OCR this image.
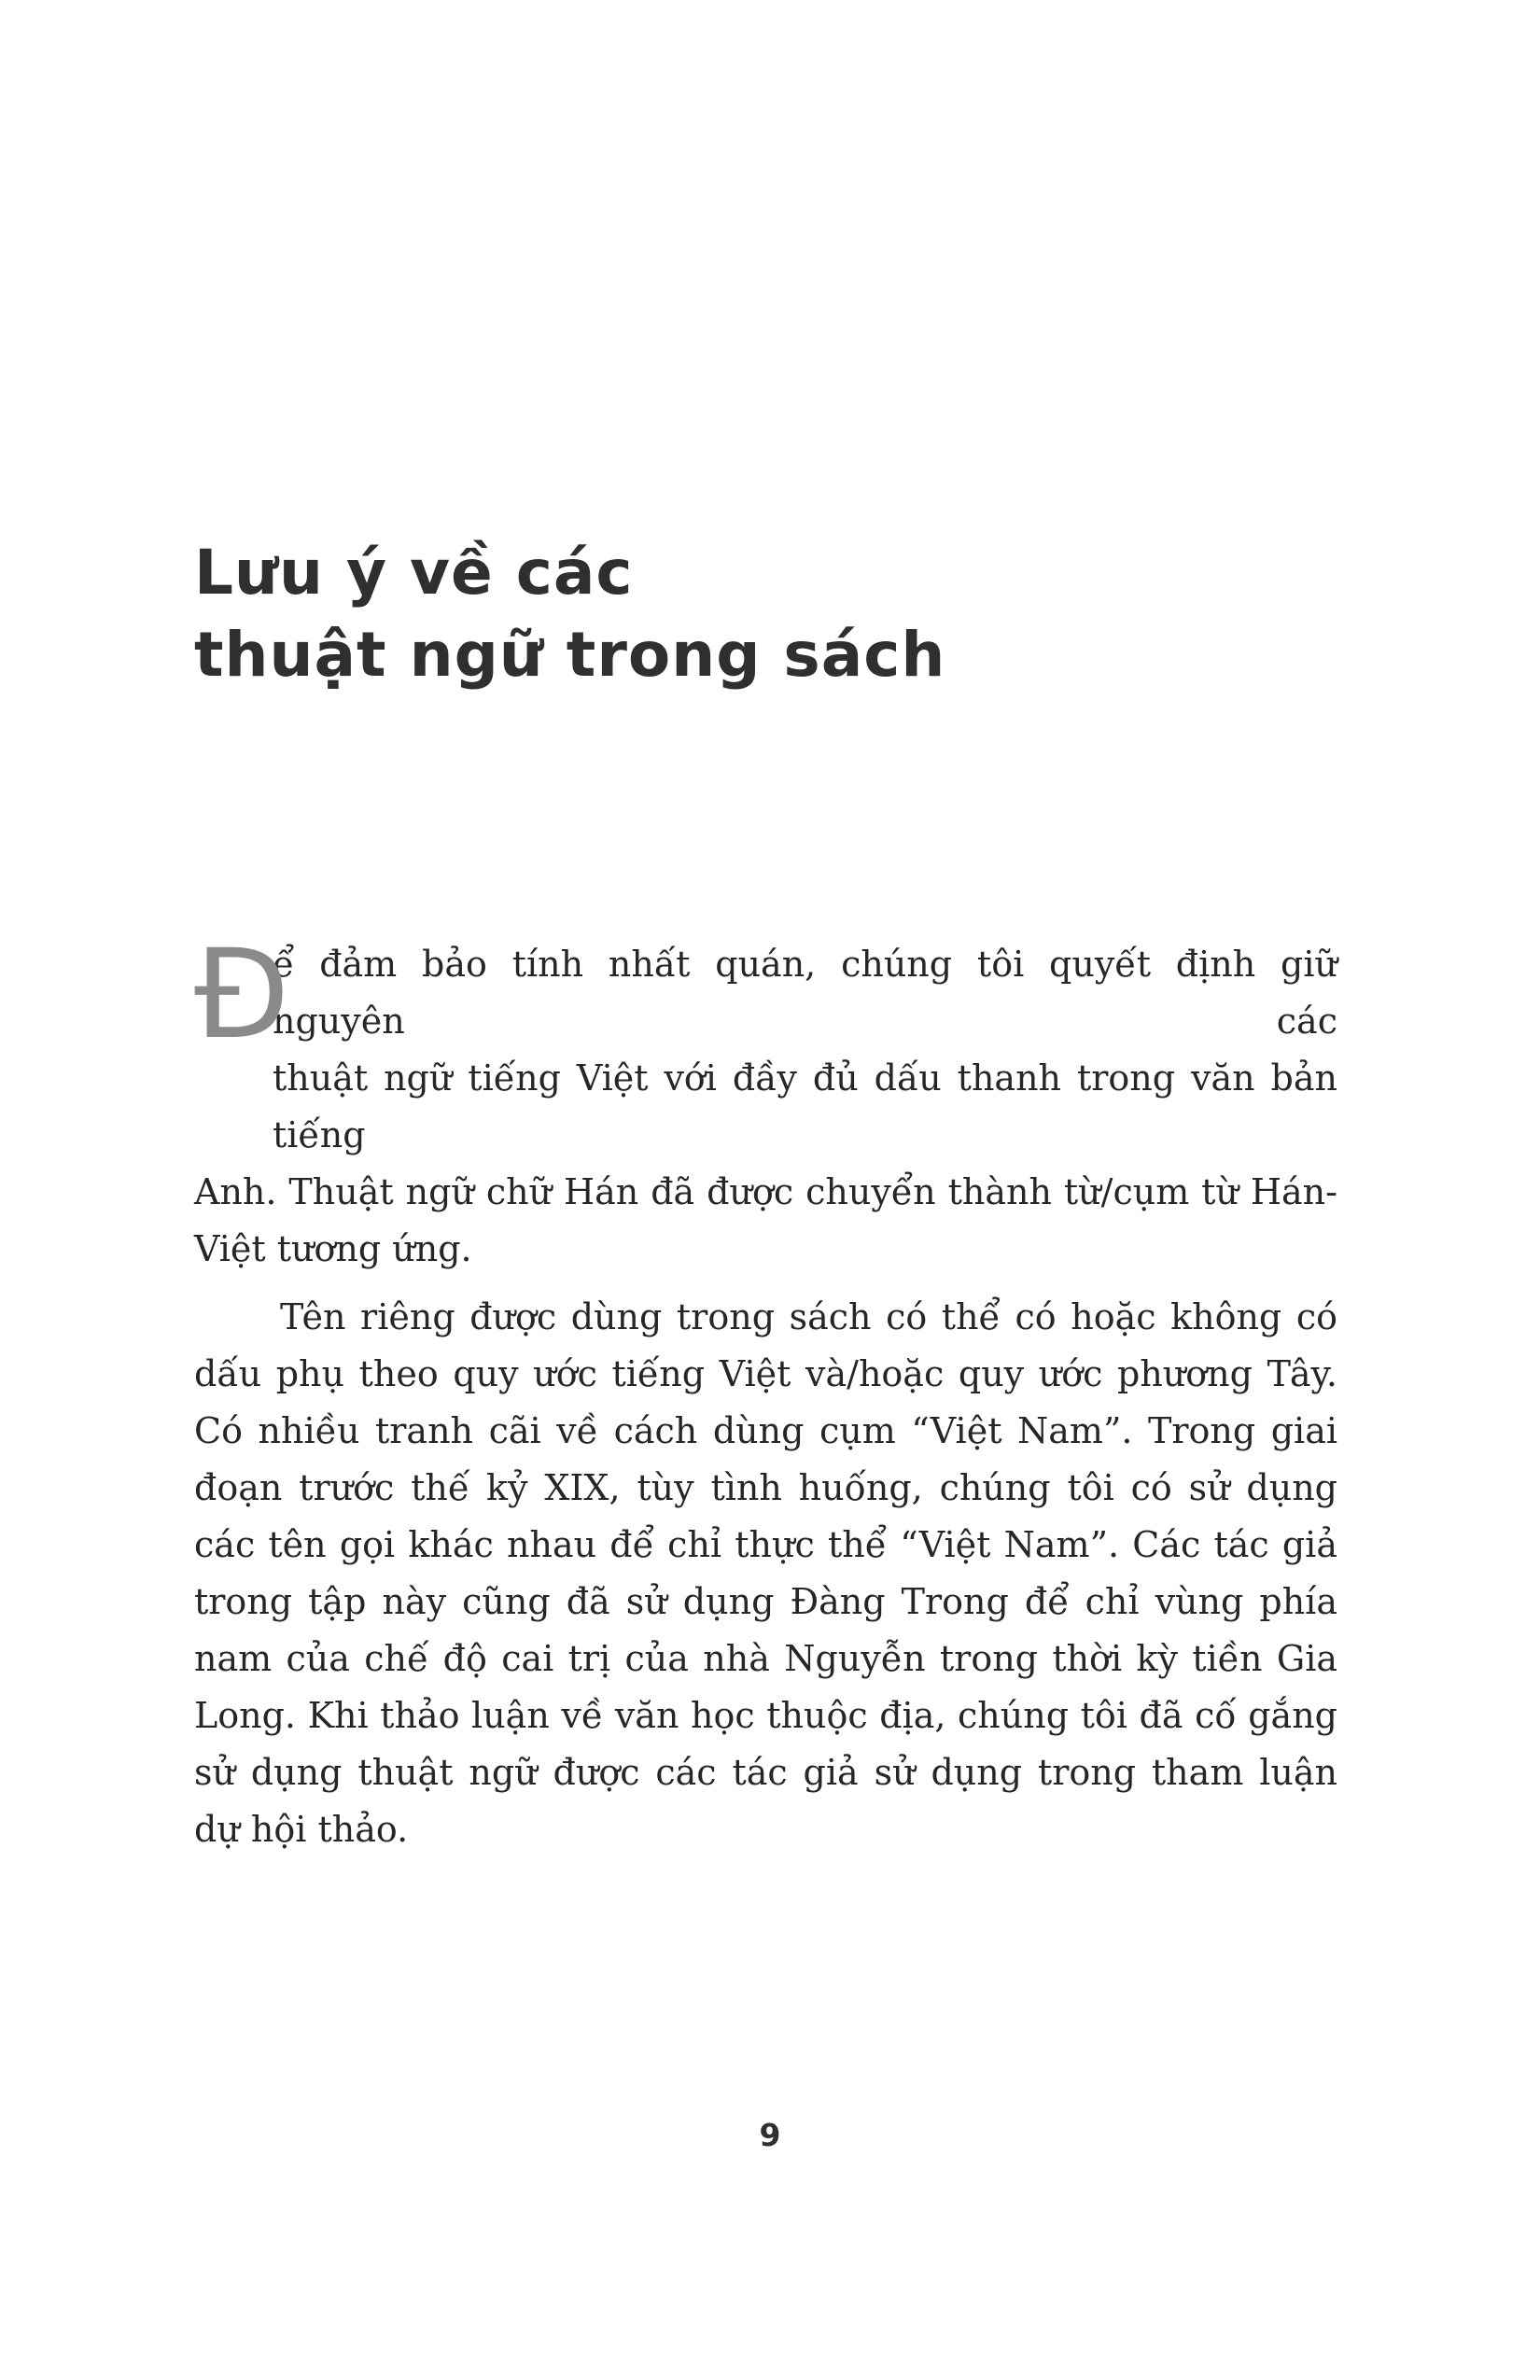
Lưu ý về các
thuật ngữ trong sách

Đ
ể đảm bảo tính nhất quán, chúng tôi quyết định giữ nguyên các
thuật ngữ tiếng Việt với đầy đủ dấu thanh trong văn bản tiếng
Anh. Thuật ngữ chữ Hán đã được chuyển thành từ/cụm từ Hán-Việt tương ứng.

Tên riêng được dùng trong sách có thể có hoặc không có dấu phụ theo quy ước tiếng Việt và/hoặc quy ước phương Tây. Có nhiều tranh cãi về cách dùng cụm “Việt Nam”. Trong giai đoạn trước thế kỷ XIX, tùy tình huống, chúng tôi có sử dụng các tên gọi khác nhau để chỉ thực thể “Việt Nam”. Các tác giả trong tập này cũng đã sử dụng Đàng Trong để chỉ vùng phía nam của chế độ cai trị của nhà Nguyễn trong thời kỳ tiền Gia Long. Khi thảo luận về văn học thuộc địa, chúng tôi đã cố gắng sử dụng thuật ngữ được các tác giả sử dụng trong tham luận dự hội thảo.

9
